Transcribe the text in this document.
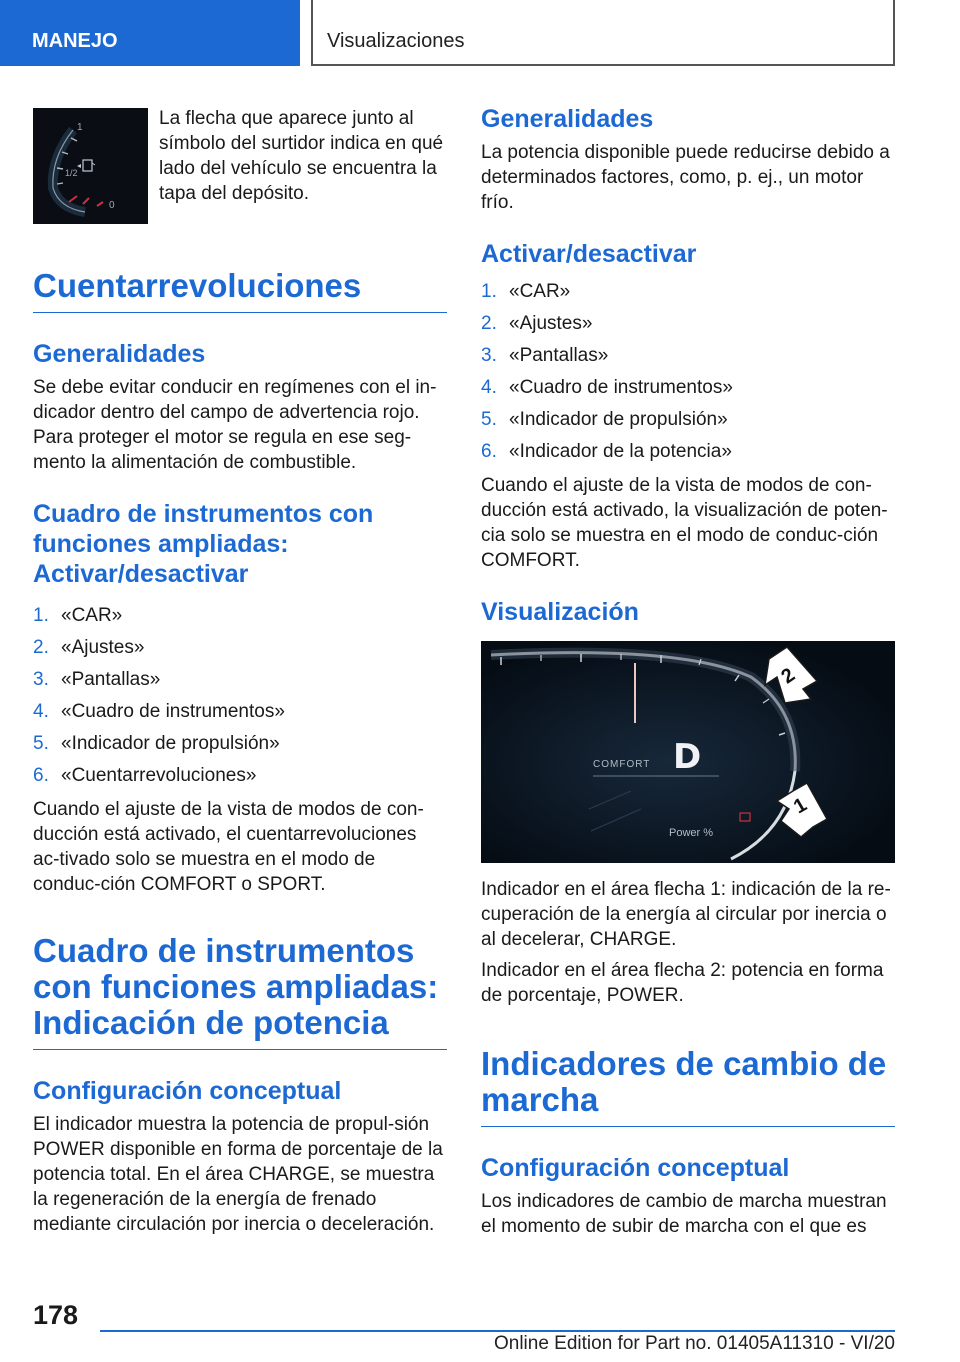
MANEJO	Visualizaciones
1
1/2
0

La flecha que aparece junto al símbolo del surtidor indica en qué lado del vehículo se encuentra la tapa del depósito.

Cuentarrevoluciones
Generalidades

Se debe evitar conducir en regímenes con el in-dicador dentro del campo de advertencia rojo. Para proteger el motor se regula en ese seg-mento la alimentación de combustible.

Cuadro de instrumentos con funciones ampliadas: Activar/desactivar
1. «CAR»
2. «Ajustes»
3. «Pantallas»
4. «Cuadro de instrumentos»
5. «Indicador de propulsión»
6. «Cuentarrevoluciones»

Cuando el ajuste de la vista de modos de con-ducción está activado, el cuentarrevoluciones ac-tivado solo se muestra en el modo de conduc-ción COMFORT o SPORT.

Cuadro de instrumentos con funciones ampliadas: Indicación de potencia
Configuración conceptual

El indicador muestra la potencia de propul-sión POWER disponible en forma de porcentaje de la potencia total. En el área CHARGE, se muestra la regeneración de la energía de frenado mediante circulación por inercia o deceleración.

Generalidades

La potencia disponible puede reducirse debido a determinados factores, como, p. ej., un motor frío.

Activar/desactivar
1. «CAR»
2. «Ajustes»
3. «Pantallas»
4. «Cuadro de instrumentos»
5. «Indicador de propulsión»
6. «Indicador de la potencia»

Cuando el ajuste de la vista de modos de con-ducción está activado, la visualización de poten-cia solo se muestra en el modo de conduc-ción COMFORT.

Visualización
D
COMFORT
Power %
2
1

Indicador en el área flecha 1: indicación de la re-cuperación de la energía al circular por inercia o al decelerar, CHARGE.

Indicador en el área flecha 2: potencia en forma de porcentaje, POWER.

Indicadores de cambio de marcha
Configuración conceptual

Los indicadores de cambio de marcha muestran el momento de subir de marcha con el que es

178
Online Edition for Part no. 01405A11310 - VI/20
